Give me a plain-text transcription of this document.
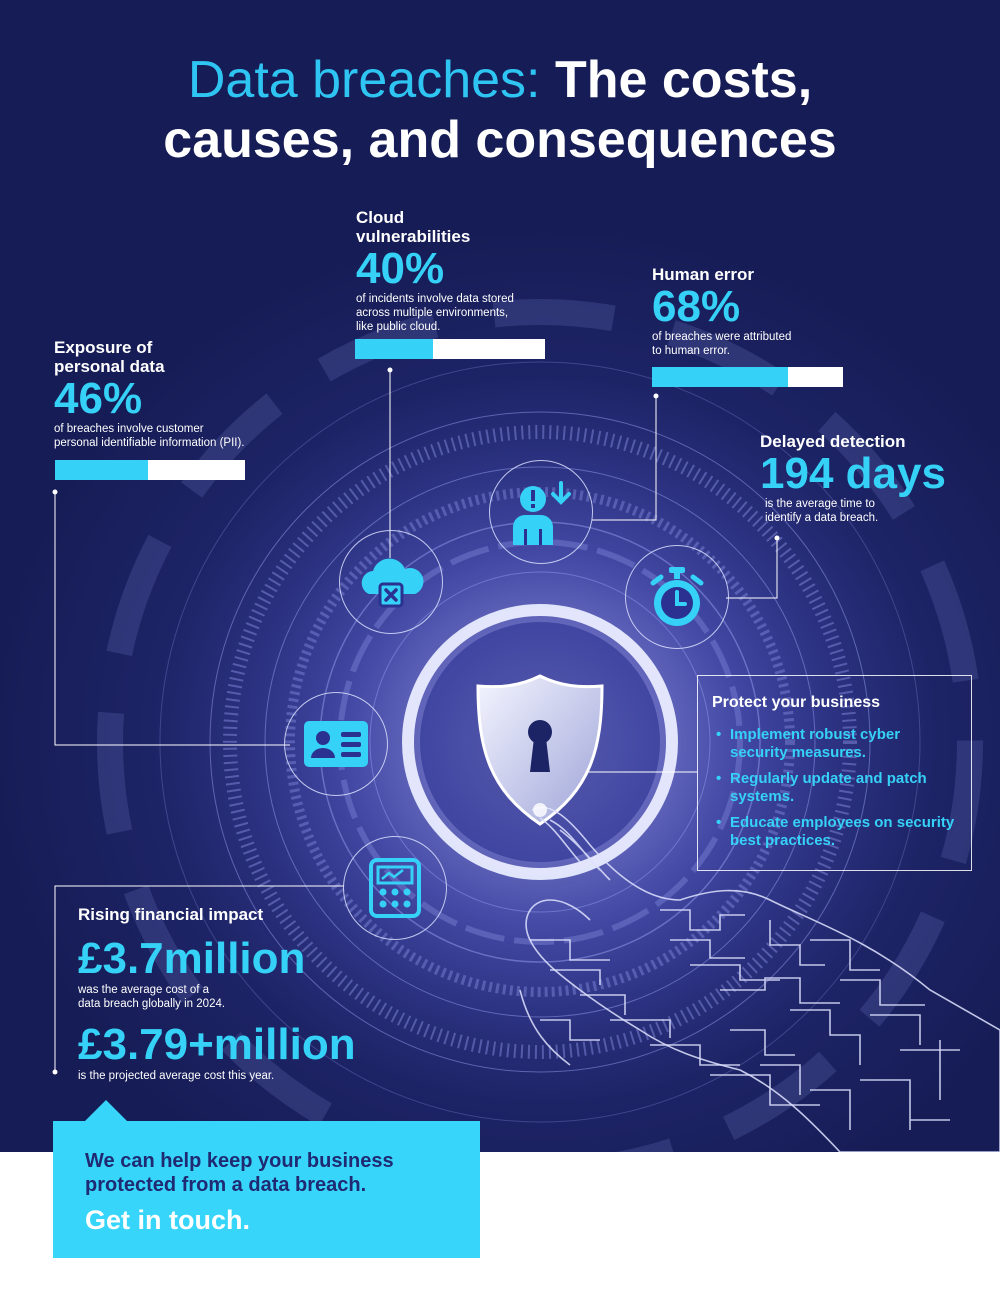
Data breaches: The costs,
causes, and consequences
Cloud
vulnerabilities
40%
of incidents involve data stored
across multiple environments,
like public cloud.
Human error
68%
of breaches were attributed
to human error.
Exposure of
personal data
46%
of breaches involve customer
personal identifiable information (PII).	Delayed detection
194 days
is the average time to
identify a data breach.
Protect your business
• Implement robust cyber security measures.
• Regularly update and patch systems.
• Educate employees on security best practices.
Rising financial impact
£3.7million
was the average cost of a
data breach globally in 2024.
£3.79+million
is the projected average cost this year.
We can help keep your business
protected from a data breach.
Get in touch.
